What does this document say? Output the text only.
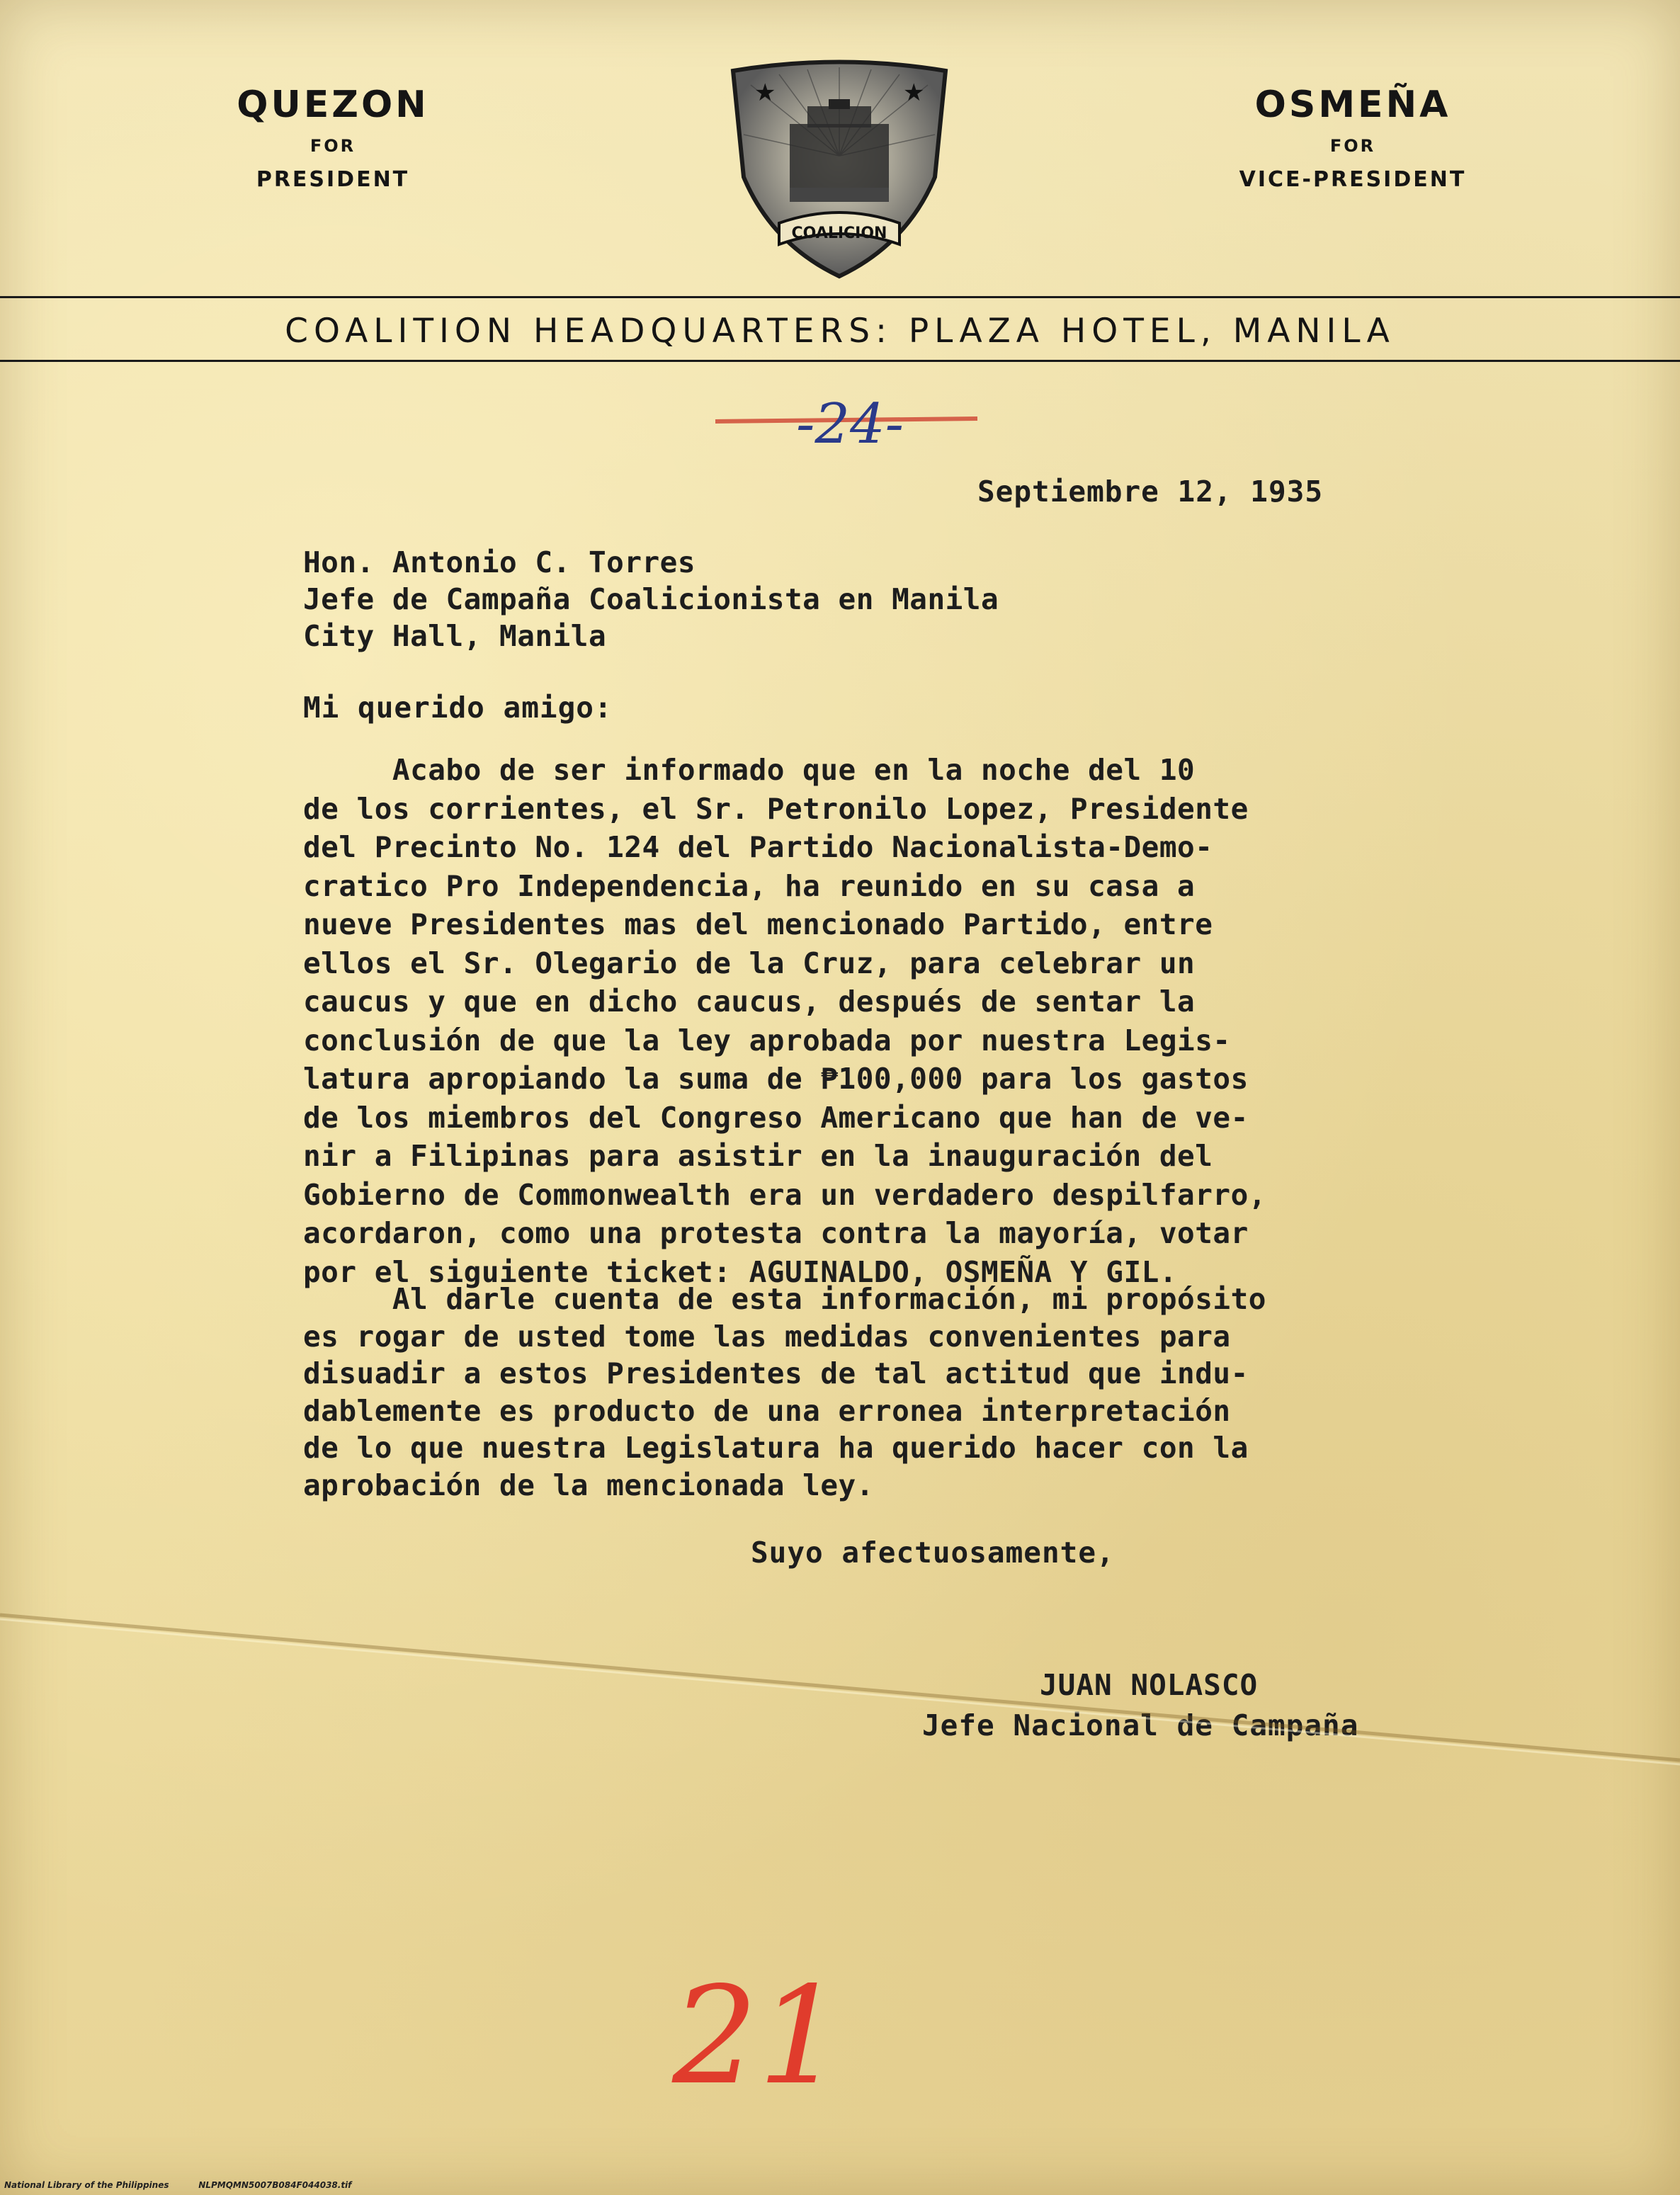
QUEZON
FOR
PRESIDENT
OSMEÑA
FOR
VICE-PRESIDENT
★	★
COALICION
COALITION HEADQUARTERS: PLAZA HOTEL, MANILA
-24-
Septiembre 12, 1935
Hon. Antonio C. Torres
Jefe de Campaña Coalicionista en Manila
City Hall, Manila
Mi querido amigo:
Acabo de ser informado que en la noche del 10
de los corrientes, el Sr. Petronilo Lopez, Presidente
del Precinto No. 124 del Partido Nacionalista-Demo-
cratico Pro Independencia, ha reunido en su casa a
nueve Presidentes mas del mencionado Partido, entre
ellos el Sr. Olegario de la Cruz, para celebrar un
caucus y que en dicho caucus, después de sentar la
conclusión de que la ley aprobada por nuestra Legis-
latura apropiando la suma de ₱100,000 para los gastos
de los miembros del Congreso Americano que han de ve-
nir a Filipinas para asistir en la inauguración del
Gobierno de Commonwealth era un verdadero despilfarro,
acordaron, como una protesta contra la mayoría, votar
por el siguiente ticket: AGUINALDO, OSMEÑA Y GIL.
Al darle cuenta de esta información, mi propósito
es rogar de usted tome las medidas convenientes para
disuadir a estos Presidentes de tal actitud que indu-
dablemente es producto de una erronea interpretación
de lo que nuestra Legislatura ha querido hacer con la
aprobación de la mencionada ley.
Suyo afectuosamente,
JUAN NOLASCO
Jefe Nacional de Campaña
21
National Library of the Philippines	NLPMQMN5007B084F044038.tif
